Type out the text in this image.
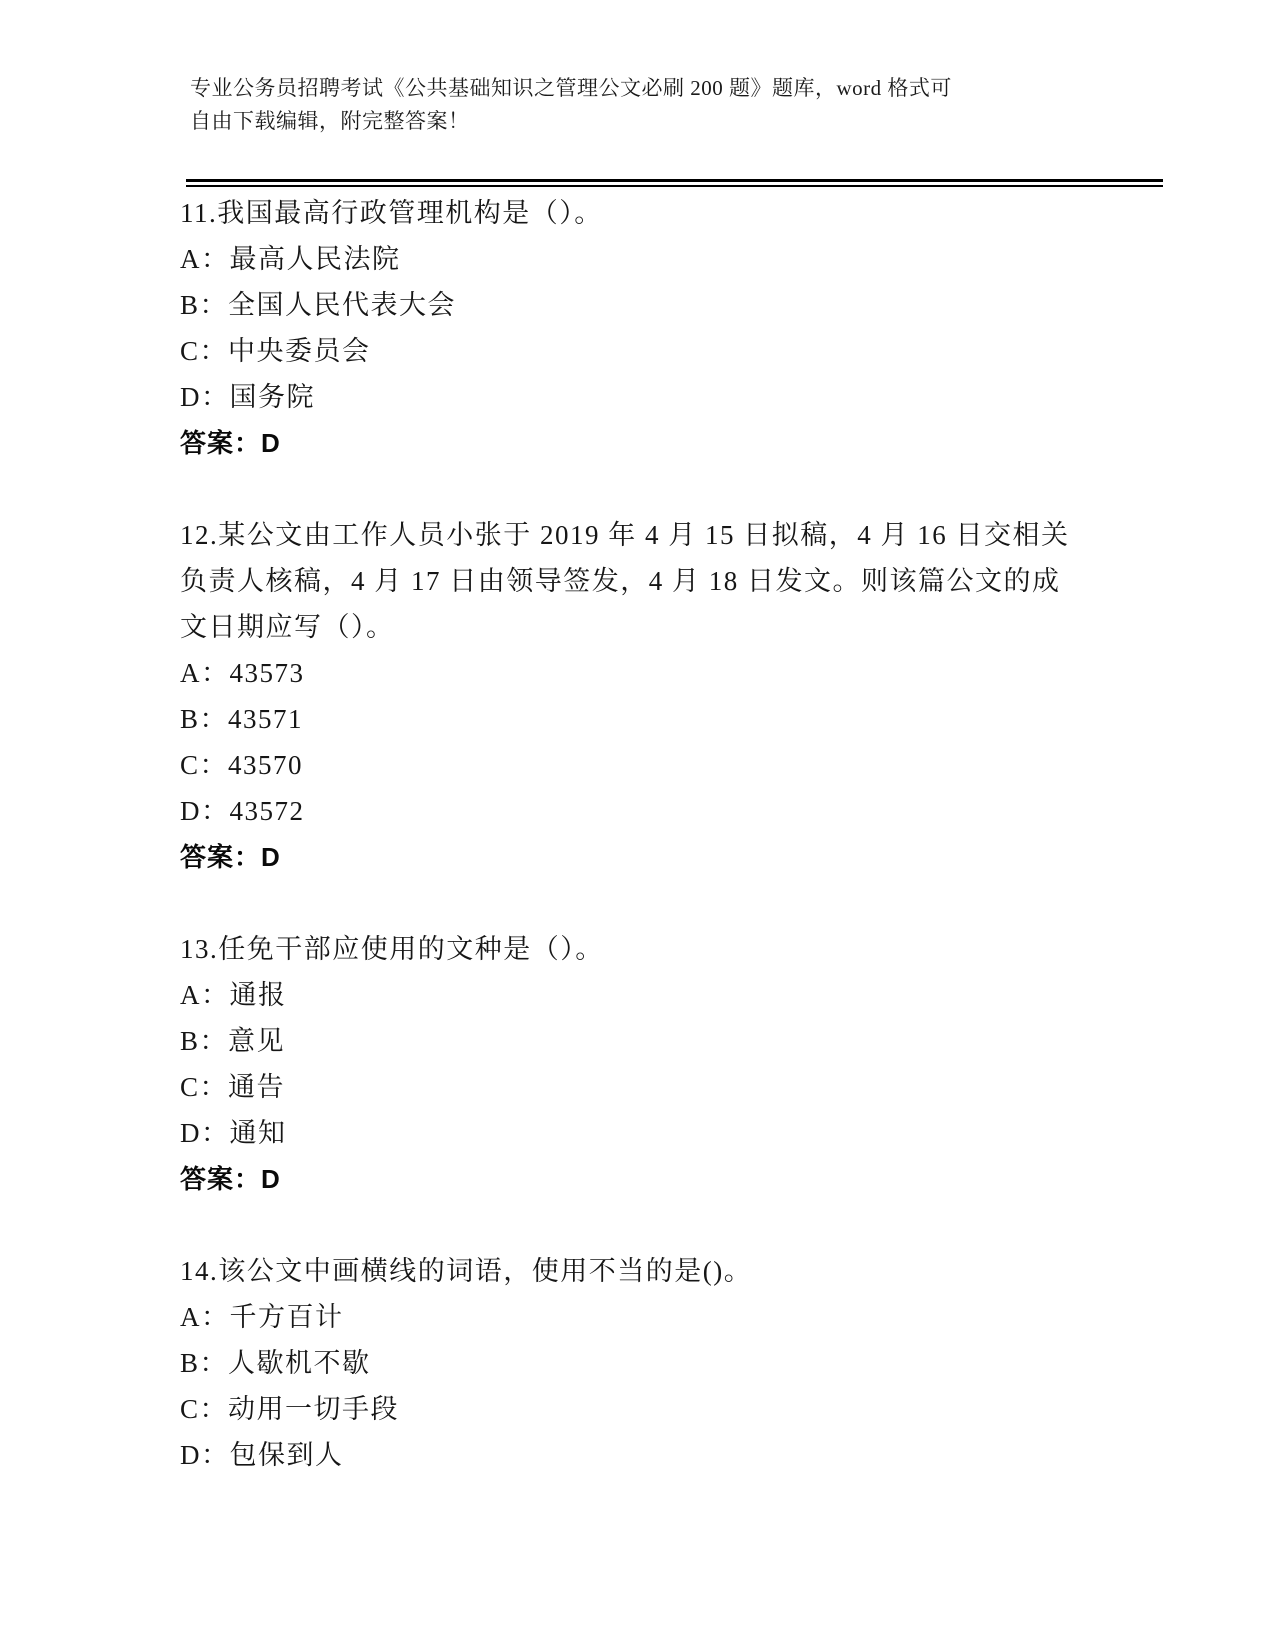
专业公务员招聘考试《公共基础知识之管理公文必刷 200 题》题库，word 格式可
自由下载编辑，附完整答案！

11.我国最高行政管理机构是（）。

A：最高人民法院

B：全国人民代表大会

C：中央委员会

D：国务院

答案：D

12.某公文由工作人员小张于 2019 年 4 月 15 日拟稿，4 月 16 日交相关

负责人核稿，4 月 17 日由领导签发，4 月 18 日发文。则该篇公文的成

文日期应写（）。

A：43573

B：43571

C：43570

D：43572

答案：D

13.任免干部应使用的文种是（）。

A：通报

B：意见

C：通告

D：通知

答案：D

14.该公文中画横线的词语，使用不当的是()。

A：千方百计

B：人歇机不歇

C：动用一切手段

D：包保到人
